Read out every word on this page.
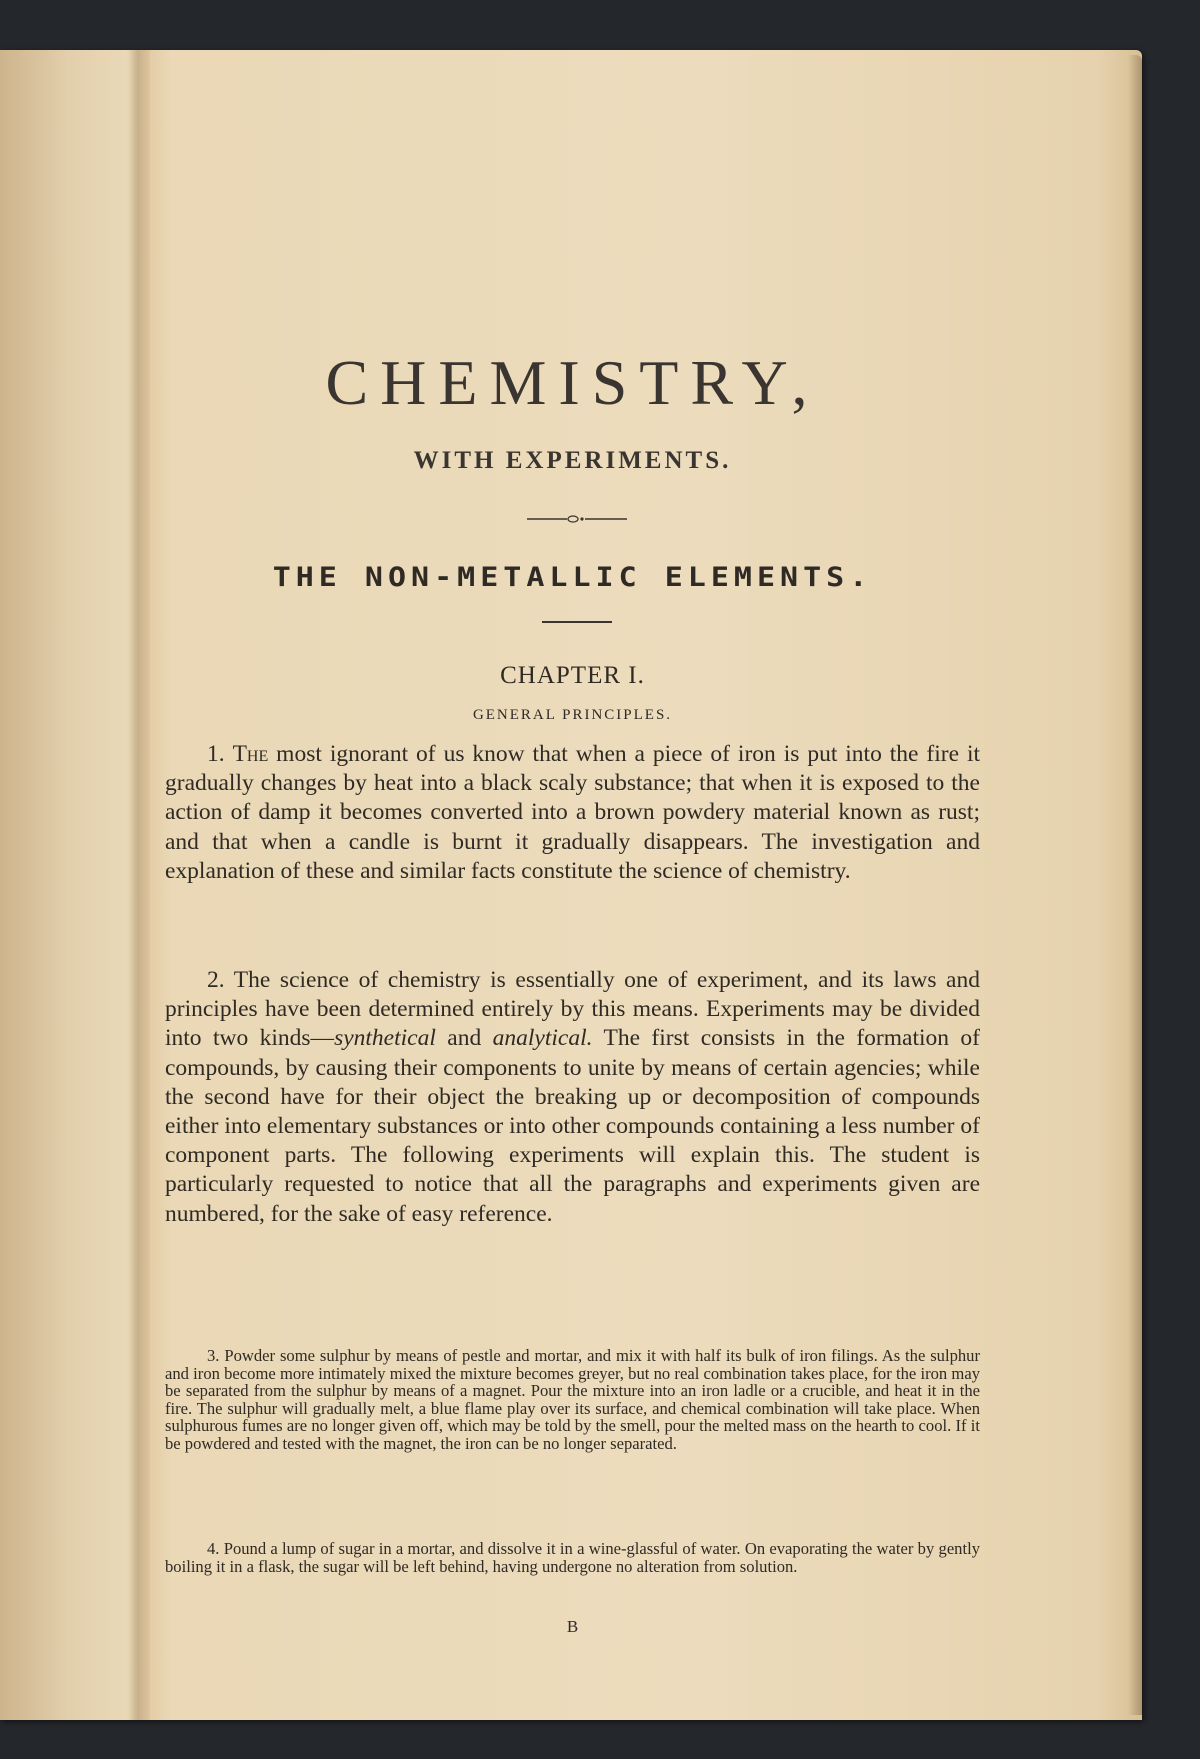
CHEMISTRY,
WITH EXPERIMENTS.
THE NON-METALLIC ELEMENTS.
CHAPTER I.
GENERAL PRINCIPLES.

1. The most ignorant of us know that when a piece of iron is put into the fire it gradually changes by heat into a black scaly substance; that when it is exposed to the action of damp it becomes converted into a brown powdery material known as rust; and that when a candle is burnt it gradually disappears. The investigation and explanation of these and similar facts constitute the science of chemistry.

2. The science of chemistry is essentially one of experiment, and its laws and principles have been determined entirely by this means. Experiments may be divided into two kinds—synthetical and analytical. The first consists in the formation of compounds, by causing their components to unite by means of certain agencies; while the second have for their object the breaking up or decomposition of compounds either into elementary substances or into other compounds containing a less number of component parts. The following experiments will explain this. The student is particularly requested to notice that all the paragraphs and experiments given are numbered, for the sake of easy reference.

3. Powder some sulphur by means of pestle and mortar, and mix it with half its bulk of iron filings. As the sulphur and iron become more intimately mixed the mixture becomes greyer, but no real combination takes place, for the iron may be separated from the sulphur by means of a magnet. Pour the mixture into an iron ladle or a crucible, and heat it in the fire. The sulphur will gradually melt, a blue flame play over its surface, and chemical combination will take place. When sulphurous fumes are no longer given off, which may be told by the smell, pour the melted mass on the hearth to cool. If it be powdered and tested with the magnet, the iron can be no longer separated.

4. Pound a lump of sugar in a mortar, and dissolve it in a wine-glassful of water. On evaporating the water by gently boiling it in a flask, the sugar will be left behind, having undergone no alteration from solution.

B
